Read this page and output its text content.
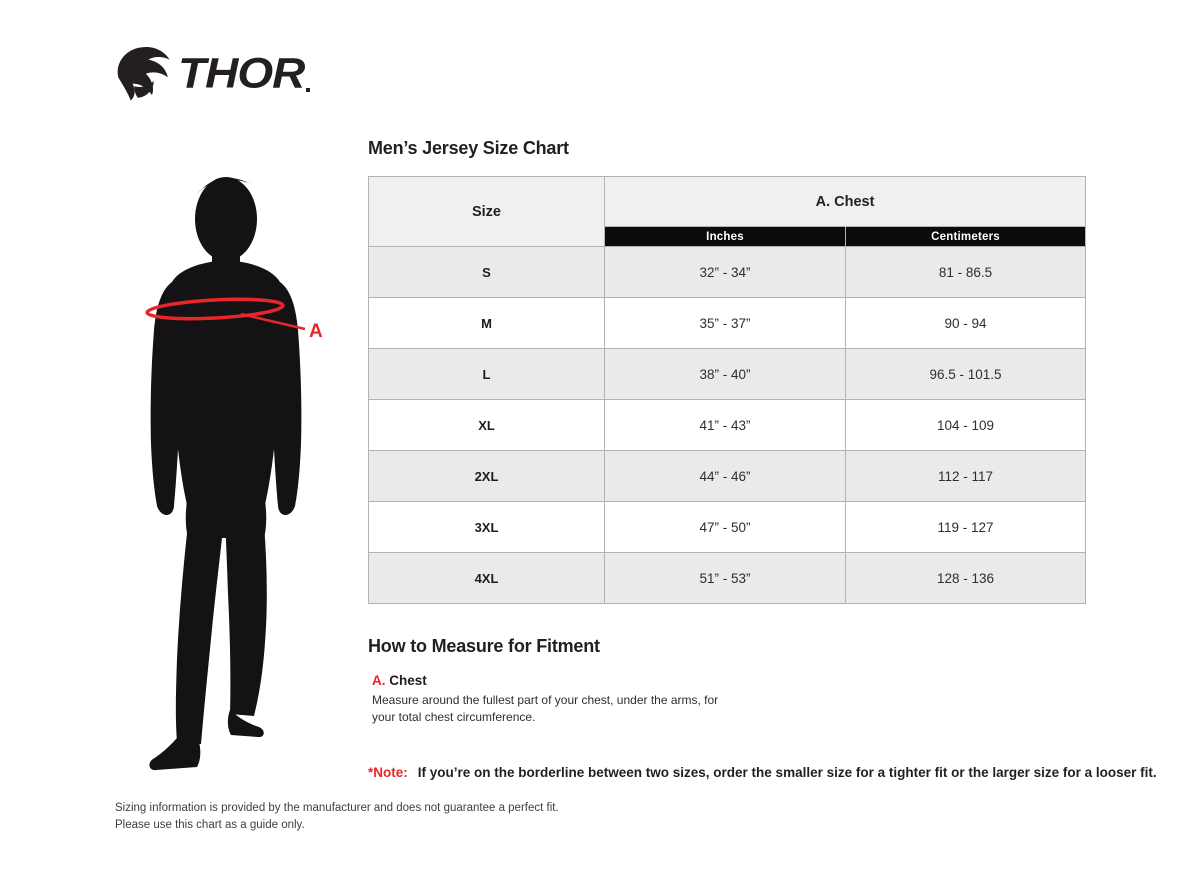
THOR
A
Men’s Jersey Size Chart
Size	A. Chest	
	Inches	Centimeters
S	32” - 34”	81 - 86.5
M	35” - 37”	90 - 94
L	38” - 40”	96.5 - 101.5
XL	41” - 43”	104 - 109
2XL	44” - 46”	112 - 117
3XL	47” - 50”	119 - 127
4XL	51” - 53”	128 - 136
How to Measure for Fitment

A. Chest

Measure around the fullest part of your chest, under the arms, for your total chest circumference.

*Note: If you’re on the borderline between two sizes, order the smaller size for a tighter fit or the larger size for a looser fit.

Sizing information is provided by the manufacturer and does not guarantee a perfect fit.

Please use this chart as a guide only.
